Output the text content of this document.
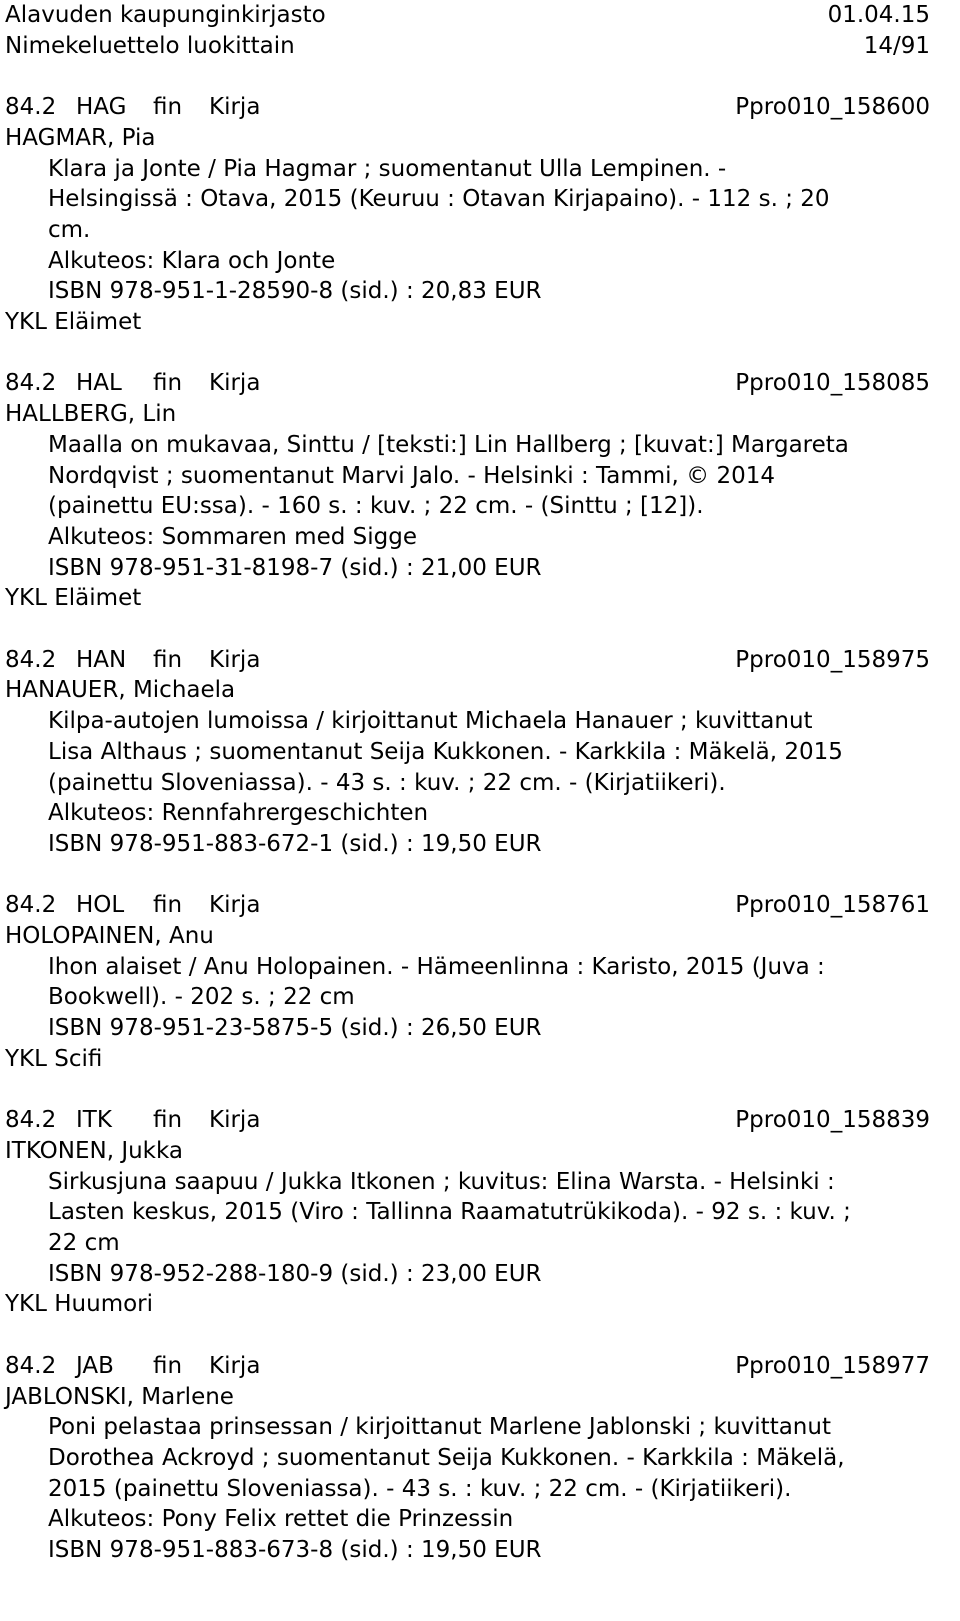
Alavuden kaupunginkirjasto	01.04.15
Nimekeluettelo luokittain	14/91
84.2 HAG fin Kirja	Ppro010_158600
HAGMAR, Pia
Klara ja Jonte / Pia Hagmar ; suomentanut Ulla Lempinen. -
Helsingissä : Otava, 2015 (Keuruu : Otavan Kirjapaino). - 112 s. ; 20
cm.
Alkuteos: Klara och Jonte
ISBN 978-951-1-28590-8 (sid.) : 20,83 EUR
YKL Eläimet
84.2 HAL fin Kirja	Ppro010_158085
HALLBERG, Lin
Maalla on mukavaa, Sinttu / [teksti:] Lin Hallberg ; [kuvat:] Margareta
Nordqvist ; suomentanut Marvi Jalo. - Helsinki : Tammi, © 2014
(painettu EU:ssa). - 160 s. : kuv. ; 22 cm. - (Sinttu ; [12]).
Alkuteos: Sommaren med Sigge
ISBN 978-951-31-8198-7 (sid.) : 21,00 EUR
YKL Eläimet
84.2 HAN fin Kirja	Ppro010_158975
HANAUER, Michaela
Kilpa-autojen lumoissa / kirjoittanut Michaela Hanauer ; kuvittanut
Lisa Althaus ; suomentanut Seija Kukkonen. - Karkkila : Mäkelä, 2015
(painettu Sloveniassa). - 43 s. : kuv. ; 22 cm. - (Kirjatiikeri).
Alkuteos: Rennfahrergeschichten
ISBN 978-951-883-672-1 (sid.) : 19,50 EUR
84.2 HOL fin Kirja	Ppro010_158761
HOLOPAINEN, Anu
Ihon alaiset / Anu Holopainen. - Hämeenlinna : Karisto, 2015 (Juva :
Bookwell). - 202 s. ; 22 cm
ISBN 978-951-23-5875-5 (sid.) : 26,50 EUR
YKL Scifi
84.2 ITK fin Kirja	Ppro010_158839
ITKONEN, Jukka
Sirkusjuna saapuu / Jukka Itkonen ; kuvitus: Elina Warsta. - Helsinki :
Lasten keskus, 2015 (Viro : Tallinna Raamatutrükikoda). - 92 s. : kuv. ;
22 cm
ISBN 978-952-288-180-9 (sid.) : 23,00 EUR
YKL Huumori
84.2 JAB fin Kirja	Ppro010_158977
JABLONSKI, Marlene
Poni pelastaa prinsessan / kirjoittanut Marlene Jablonski ; kuvittanut
Dorothea Ackroyd ; suomentanut Seija Kukkonen. - Karkkila : Mäkelä,
2015 (painettu Sloveniassa). - 43 s. : kuv. ; 22 cm. - (Kirjatiikeri).
Alkuteos: Pony Felix rettet die Prinzessin
ISBN 978-951-883-673-8 (sid.) : 19,50 EUR
